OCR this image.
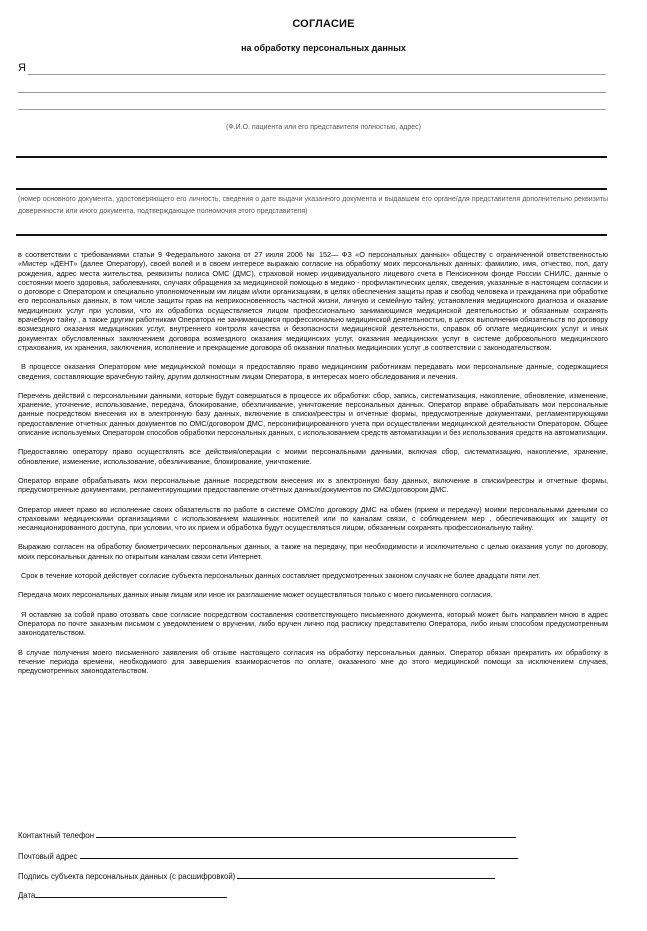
СОГЛАСИЕ
на обработку персональных данных
Я
(Ф.И.О. пациента или его представителя полностью, адрес)
(номер основного документа, удостоверяющего его личность, сведения о дате выдачи указанного документа и выдавшем его органе/для представителя дополнительно реквизиты доверенности или иного документа, подтверждающие полномочия этого представителя)

в соответствии с требованиями статьи 9 Федерального закона от 27 июля 2006 № 152— ФЗ «О персональных данных» обществу с ограниченной ответственностью «Мистер «ДЕНТ» (далее Оператору), своей волей и в своем интересе выражаю согласие на обработку моих персональных данных: фамилию, имя, отчество, пол, дату рождения, адрес места жительства, реквизиты полиса ОМС (ДМС), страховой номер индивидуального лицевого счета в Пенсионном фонде России СНИЛС, данные о состоянии моего здоровья, заболеваниях, случаях обращения за медицинской помощью в медико - профилактических целях, сведения, указанные в настоящем согласии и о договоре с Оператором и специально уполномоченным им лицам и/или организациям, в целях обеспечения защиты прав и свобод человека и гражданина при обработке его персональных данных, в том числе защиты прав на неприкосновенность частной жизни, личную и семейную тайну, установления медицинского диагноза и оказание медицинских услуг при условии, что их обработка осуществляется лицом профессионально занимающимся медицинской деятельностью и обязанным сохранять врачебную тайну , а также другим работникам Оператора не занимающимся профессионально медицинской деятельностью, в целях выполнения обязательств по договору возмездного оказания медицинских услуг, внутреннего контроля качества и безопасности медицинской деятельности, справок об оплате медицинских услуг и иных документах обусловленных заключением договора возмездного оказания медицинских услуг, оказания медицинских услуг в системе добровольного медицинского страхования, их хранения, заключения, исполнение и прекращение договора об оказании платных медицинских услуг ,в соответствии с законодательством.

В процессе оказания Оператором мне медицинской помощи я предоставляю право медицинским работникам передавать мои персональные данные, содержащиеся сведения, составляющие врачебную тайну, другим должностным лицам Оператора, в интересах моего обследования и лечения.

Перечень действий с персональными данными, которые будут совершаться в процессе их обработки: сбор, запись, систематизация, накопление, обновление, изменение, хранение, уточнение, использование, передача, блокирование, обезличивание, уничтожение персональных данных. Оператор вправе обрабатывать мои персональные данные посредством внесения их в электронную базу данных, включение в списки/реестры и отчетные формы, предусмотренные документами, регламентирующими предоставление отчетных данных документов по ОМС/договором ДМС, персонифицированного учета при осуществлении медицинской деятельности Оператором. Общее описание используемых Оператором способов обработки персональных данных, с использованием средств автоматизации и без использования средств на автоматизации.

Предоставляю оператору право осуществлять все действия/операции с моими персональными данными, включая сбор, систематизацию, накопление, хранение, обновление, изменение, использование, обезличивание, блокирование, уничтожение.

Оператор вправе обрабатывать мои персональные данные посредством внесения их в электронную базу данных, включение в списки/реестры и отчетные формы, предусмотренные документами, регламентирующими предоставление отчётных данных/документов по ОМС/договором ДМС.

Оператор имеет право во исполнение своих обязательств по работе в системе ОМС/по договору ДМС на обмен (прием и передачу) моими персональными данными со страховыми медицинскими организациями с использованием машинных носителей или по каналам связи, с соблюдением мер , обеспечивающих их защиту от несанкционированного доступа, при условии, что их прием и обработка будут осуществляться лицом, обязанным сохранять профессиональную тайну.

Выражаю согласен на обработку биометрических персональных данных, а также на передачу, при необходимости и исключительно с целью оказания услуг по договору, моих персональных данных по открытым каналам связи сети Интернет.

Срок в течение которой действует согласие субъекта персональных данных составляет предусмотренных законом случаях не более двадцати пяти лет.

Передача моих персональных данных иным лицам или иное их разглашение может осуществляться только с моего письменного согласия.

Я оставляю за собой право отозвать свое согласие посредством составления соответствующего письменного документа, который может быть направлен мною в адрес Оператора по почте заказным письмом с уведомлением о вручении, либо вручен лично под расписку представителю Оператора, либо иным способом предусмотренным законодательством.

В случае получения моего письменного заявления об отзыве настоящего согласия на обработку персональных данных. Оператор обязан прекратить их обработку в течение периода времени, необходимого для завершения взаиморасчетов по оплате, оказанного мне до этого медицинской помощи за исключением случаев, предусмотренных законодательством.

Контактный телефон
Почтовый адрес
Подпись субъекта персональных данных (с расшифровкой)
Дата
